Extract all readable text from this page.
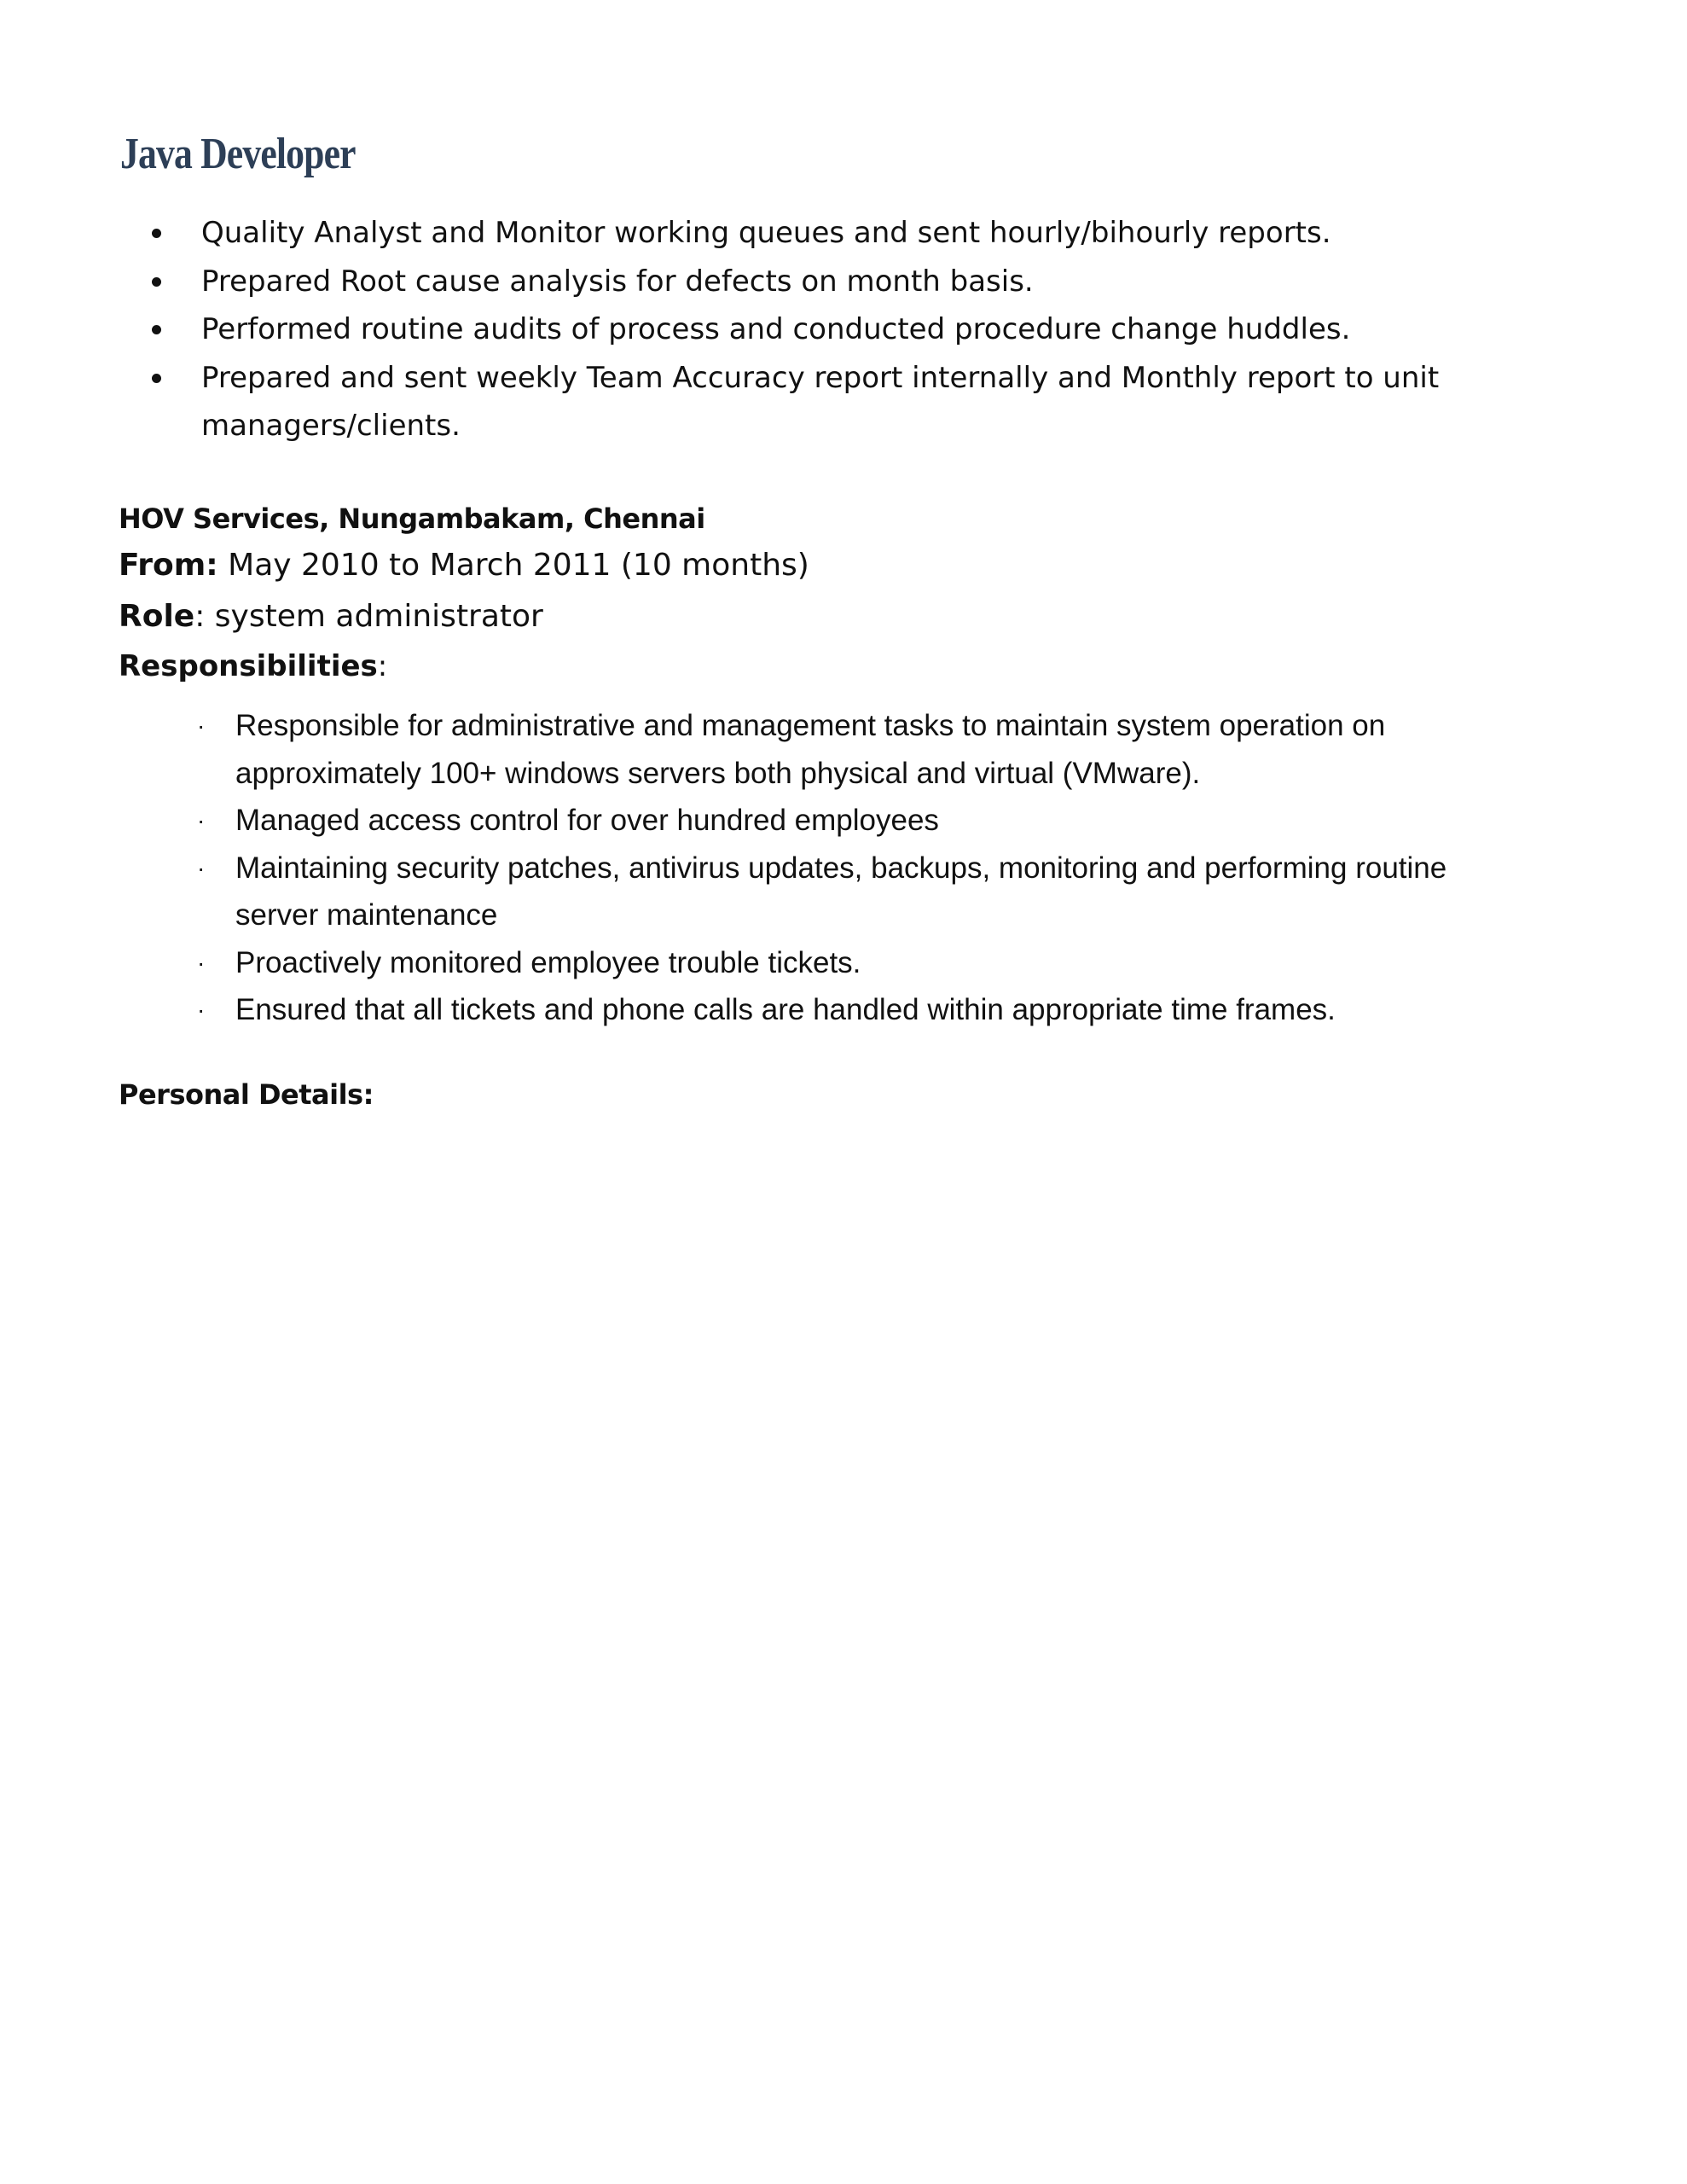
Java Developer
Quality Analyst and Monitor working queues and sent hourly/bihourly reports.
Prepared Root cause analysis for defects on month basis.
Performed routine audits of process and conducted procedure change huddles.
Prepared and sent weekly Team Accuracy report internally and Monthly report to unit managers/clients.

HOV Services, Nungambakam, Chennai

From: May 2010 to March 2011 (10 months)

Role: system administrator

Responsibilities:

· Responsible for administrative and management tasks to maintain system operation on approximately 100+ windows servers both physical and virtual (VMware).
· Managed access control for over hundred employees
· Maintaining security patches, antivirus updates, backups, monitoring and performing routine server maintenance
· Proactively monitored employee trouble tickets.
· Ensured that all tickets and phone calls are handled within appropriate time frames.

Personal Details:
